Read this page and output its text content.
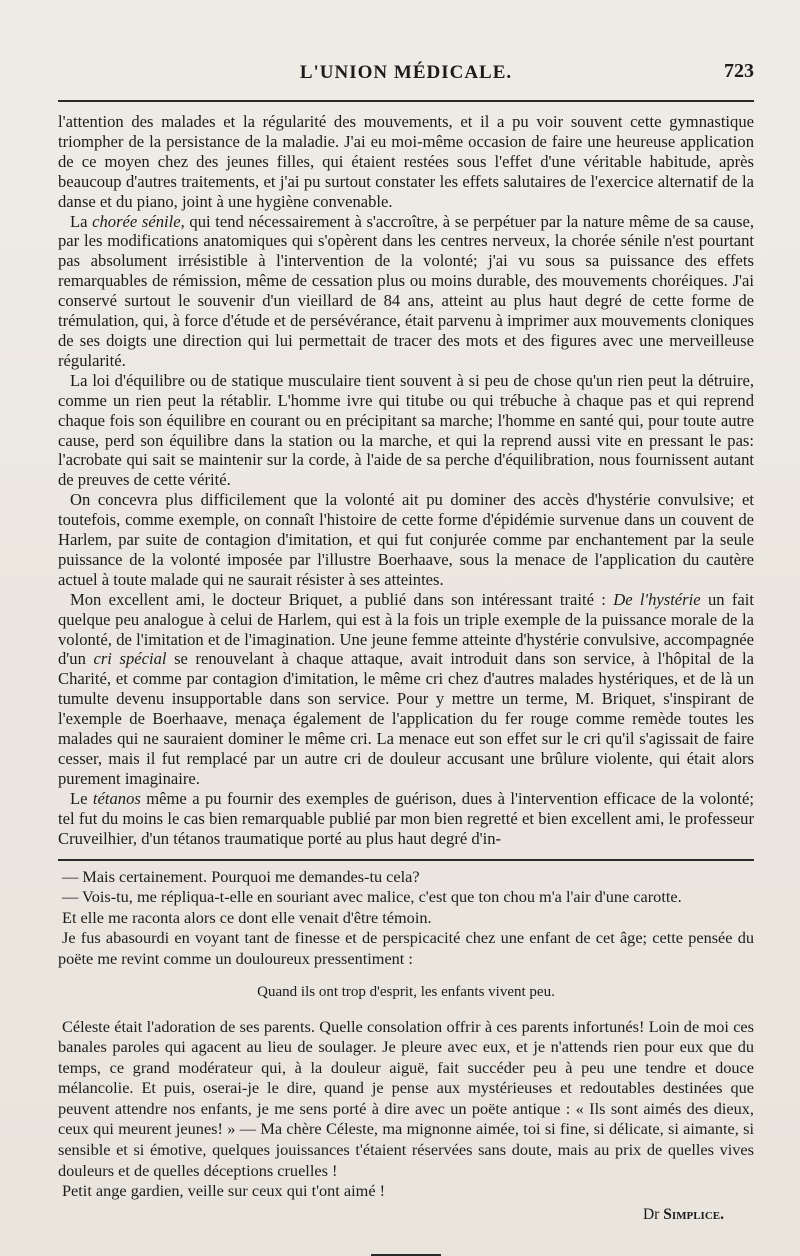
L'UNION MÉDICALE.	723

l'attention des malades et la régularité des mouvements, et il a pu voir souvent cette gymnastique triompher de la persistance de la maladie. J'ai eu moi-même occasion de faire une heureuse application de ce moyen chez des jeunes filles, qui étaient restées sous l'effet d'une véritable habitude, après beaucoup d'autres traitements, et j'ai pu surtout constater les effets salutaires de l'exercice alternatif de la danse et du piano, joint à une hygiène convenable.

La chorée sénile, qui tend nécessairement à s'accroître, à se perpétuer par la nature même de sa cause, par les modifications anatomiques qui s'opèrent dans les centres nerveux, la chorée sénile n'est pourtant pas absolument irrésistible à l'intervention de la volonté; j'ai vu sous sa puissance des effets remarquables de rémission, même de cessation plus ou moins durable, des mouvements choréiques. J'ai conservé surtout le souvenir d'un vieillard de 84 ans, atteint au plus haut degré de cette forme de trémulation, qui, à force d'étude et de persévérance, était parvenu à imprimer aux mouvements cloniques de ses doigts une direction qui lui permettait de tracer des mots et des figures avec une merveilleuse régularité.

La loi d'équilibre ou de statique musculaire tient souvent à si peu de chose qu'un rien peut la détruire, comme un rien peut la rétablir. L'homme ivre qui titube ou qui trébuche à chaque pas et qui reprend chaque fois son équilibre en courant ou en précipitant sa marche; l'homme en santé qui, pour toute autre cause, perd son équilibre dans la station ou la marche, et qui la reprend aussi vite en pressant le pas: l'acrobate qui sait se maintenir sur la corde, à l'aide de sa perche d'équilibration, nous fournissent autant de preuves de cette vérité.

On concevra plus difficilement que la volonté ait pu dominer des accès d'hystérie convulsive; et toutefois, comme exemple, on connaît l'histoire de cette forme d'épidémie survenue dans un couvent de Harlem, par suite de contagion d'imitation, et qui fut conjurée comme par enchantement par la seule puissance de la volonté imposée par l'illustre Boerhaave, sous la menace de l'application du cautère actuel à toute malade qui ne saurait résister à ses atteintes.

Mon excellent ami, le docteur Briquet, a publié dans son intéressant traité : De l'hystérie un fait quelque peu analogue à celui de Harlem, qui est à la fois un triple exemple de la puissance morale de la volonté, de l'imitation et de l'imagination. Une jeune femme atteinte d'hystérie convulsive, accompagnée d'un cri spécial se renouvelant à chaque attaque, avait introduit dans son service, à l'hôpital de la Charité, et comme par contagion d'imitation, le même cri chez d'autres malades hystériques, et de là un tumulte devenu insupportable dans son service. Pour y mettre un terme, M. Briquet, s'inspirant de l'exemple de Boerhaave, menaça également de l'application du fer rouge comme remède toutes les malades qui ne sauraient dominer le même cri. La menace eut son effet sur le cri qu'il s'agissait de faire cesser, mais il fut remplacé par un autre cri de douleur accusant une brûlure violente, qui était alors purement imaginaire.

Le tétanos même a pu fournir des exemples de guérison, dues à l'intervention efficace de la volonté; tel fut du moins le cas bien remarquable publié par mon bien regretté et bien excellent ami, le professeur Cruveilhier, d'un tétanos traumatique porté au plus haut degré d'in-

— Mais certainement. Pourquoi me demandes-tu cela?

— Vois-tu, me répliqua-t-elle en souriant avec malice, c'est que ton chou m'a l'air d'une carotte.

Et elle me raconta alors ce dont elle venait d'être témoin.

Je fus abasourdi en voyant tant de finesse et de perspicacité chez une enfant de cet âge; cette pensée du poëte me revint comme un douloureux pressentiment :

Quand ils ont trop d'esprit, les enfants vivent peu.

Céleste était l'adoration de ses parents. Quelle consolation offrir à ces parents infortunés! Loin de moi ces banales paroles qui agacent au lieu de soulager. Je pleure avec eux, et je n'attends rien pour eux que du temps, ce grand modérateur qui, à la douleur aiguë, fait succéder peu à peu une tendre et douce mélancolie. Et puis, oserai-je le dire, quand je pense aux mystérieuses et redoutables destinées que peuvent attendre nos enfants, je me sens porté à dire avec un poëte antique : « Ils sont aimés des dieux, ceux qui meurent jeunes! » — Ma chère Céleste, ma mignonne aimée, toi si fine, si délicate, si aimante, si sensible et si émotive, quelques jouissances t'étaient réservées sans doute, mais au prix de quelles vives douleurs et de quelles déceptions cruelles !

Petit ange gardien, veille sur ceux qui t'ont aimé !

Dr Simplice.
